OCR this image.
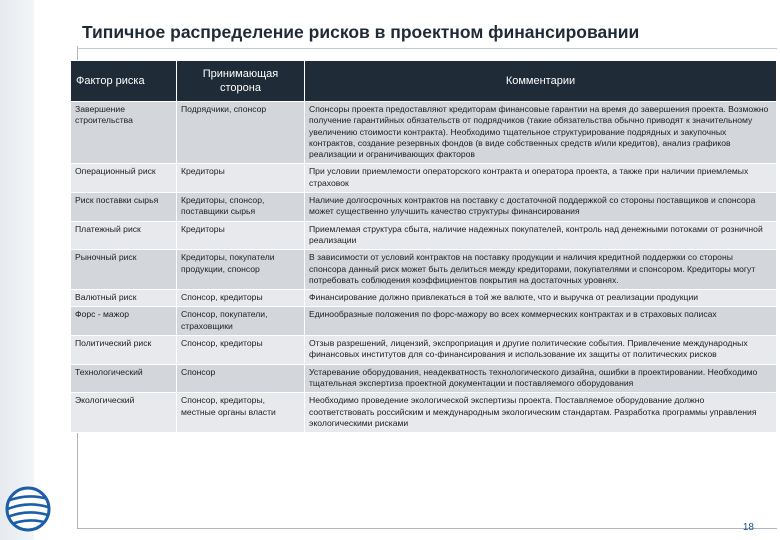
Типичное распределение рисков в проектном финансировании
Фактор риска	Принимающая сторона	Комментарии
Завершение строительства	Подрядчики, спонсор	Спонсоры проекта предоставляют кредиторам финансовые гарантии на время до завершения проекта. Возможно получение гарантийных обязательств от подрядчиков (такие обязательства обычно приводят к значительному увеличению стоимости контракта). Необходимо тщательное структурирование подрядных и закупочных контрактов, создание резервных фондов (в виде собственных средств и/или кредитов), анализ графиков реализации и ограничивающих факторов
Операционный риск	Кредиторы	При условии приемлемости операторского контракта и оператора проекта, а также при наличии приемлемых страховок
Риск поставки сырья	Кредиторы, спонсор, поставщики сырья	Наличие долгосрочных контрактов на поставку с достаточной поддержкой со стороны поставщиков и спонсора может существенно улучшить качество структуры финансирования
Платежный риск	Кредиторы	Приемлемая структура сбыта, наличие надежных покупателей, контроль над денежными потоками от розничной реализации
Рыночный риск	Кредиторы, покупатели продукции, спонсор	В зависимости от условий контрактов на поставку продукции и наличия кредитной поддержки со стороны спонсора данный риск может быть делиться между кредиторами, покупателями и спонсором. Кредиторы могут потребовать соблюдения коэффициентов покрытия на достаточных уровнях.
Валютный риск	Спонсор, кредиторы	Финансирование должно привлекаться в той же валюте, что и выручка от реализации продукции
Форс - мажор	Спонсор, покупатели, страховщики	Единообразные положения по форс-мажору во всех коммерческих контрактах и в страховых полисах
Политический риск	Спонсор, кредиторы	Отзыв разрешений, лицензий, экспроприация и другие политические события. Привлечение международных финансовых институтов для со-финансирования и использование их защиты от политических рисков
Технологический	Спонсор	Устаревание оборудования, неадекватность технологического дизайна, ошибки в проектировании. Необходимо тщательная экспертиза проектной документации и поставляемого оборудования
Экологический	Спонсор, кредиторы, местные органы власти	Необходимо проведение экологической экспертизы проекта. Поставляемое оборудование должно соответствовать российским и международным экологическим стандартам. Разработка программы управления экологическими рисками
18
